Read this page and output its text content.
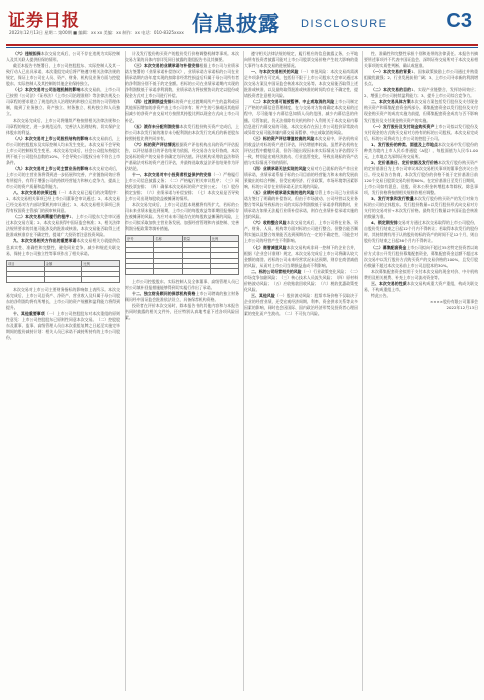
证券日报
2022年12月13日 星期二 第00期 ■ 编辑：xx xx 美编：xx 制作：xx 电话：010-8325xxxx 信息披露 DISCLOSURE	C3

（六）违规担保本次交易完成后，公司不存在违规为实际控制人及其关联人提供担保的情形。

截至本报告书签署日，上市公司控股股东、实际控制人及其一致行动人已出具承诺，本次重组完成后将严格遵守相关法律法规的规定，保证上市公司在人员、资产、财务、机构及业务方面与控股股东、实际控制人及其控制的其他企业保持独立。

（七）本次交易对公司治理机制的影响本次交易前，上市公司已按照《公司法》《证券法》《上市公司治理准则》等法律法规及公司章程的要求建立了规范的法人治理结构和独立运营的公司管理体制，做到了业务独立、资产独立、财务独立、机构独立和人员独立。

本次交易完成后，上市公司将继续严格按照相关法律法规和公司章程的规定，进一步规范运作，完善法人治理结构，切实保护全体股东的利益。

（八）本次交易对上市公司股权结构的影响本次交易前后，上市公司的控股股东及实际控制人均未发生变化，本次交易不会导致上市公司控制权发生变更。本次交易完成后，社会公众股东持股比例不低于公司股份总数的10%，不会导致公司股权分布不符合上市条件。

（九）本次交易对上市公司主营业务的影响本次交易完成后，上市公司的主营业务将得到进一步拓展和完善，产业链协同效应将有所提升，有利于增强公司的持续经营能力和核心竞争力，提高上市公司的资产质量和盈利能力。

八、本次交易的决策过程（一）本次交易已履行的决策程序：1、本次交易相关事项已经上市公司董事会审议通过；2、本次交易已经交易对方内部决策机构审议通过；3、本次交易相关事项已获得有权国资主管部门的预审核同意。

（二）本次交易尚需履行的程序1、上市公司股东大会审议通过本次交易方案；2、本次交易获得中国证监会核准；3、相关法律法规所要求的其他可能涉及的批准或核准。本次交易能否取得上述批准或核准存在不确定性，提请广大投资者注意投资风险。

九、本次交易相关方作出的重要承诺本次交易相关方就提供信息真实性、准确性和完整性，避免同业竞争，减少和规范关联交易，保持上市公司独立性等事项作出了相关承诺。

项目	金额	比例

本次交易对上市公司主要财务指标的影响如上表所示。本次交易完成后，上市公司总资产、净资产、营业收入及归属于母公司股东的净利润均将有所增长，上市公司的资产规模和盈利能力将得到提升。

十、其他重要事项（一）上市公司控股股东对本次重组的原则性意见：上市公司控股股东已原则性同意本次交易。（二）控股股东及董事、监事、高级管理人员自本次重组复牌之日起至实施完毕期间的股份减持计划：相关人员已承诺不减持所持有的上市公司股份。

计及发行股份购买资产的股份发行价格调整机制等事项。本次交易方案的具体内容详见同日披露的重组报告书及其摘要。

（三）本次交易的业绩承诺与补偿安排根据上市公司与业绩承诺方签署的《业绩承诺补偿协议》，业绩承诺方承诺标的公司在业绩承诺期内各年度实现的扣除非经常性损益后归属于母公司所有者的净利润分别不低于约定金额。若标的公司在业绩承诺期内实现的净利润数低于承诺净利润数，业绩承诺方将按照协议约定以股份或现金方式对上市公司进行补偿。

（四）过渡期损益安排标的资产在过渡期间所产生的盈利或因其他原因增加的净资产由上市公司享有；所产生的亏损或因其他原因减少的净资产由交易对方按照其持股比例以现金方式向上市公司补足。

（五）滚存未分配利润安排本次发行股份购买资产完成后，上市公司本次发行前的滚存未分配利润由本次发行完成后的新老股东按照持股比例共同享有。

（六）标的资产评估情况根据资产评估机构出具的资产评估报告，以评估基准日的评估结果为依据，经交易各方友好协商，本次交易标的资产的交易作价确定为评估值。评估机构采用收益法和资产基础法对标的资产进行评估，并最终选取收益法评估结果作为评估结论。

十一、本次交易对中小投资者权益保护的安排（一）严格履行上市公司信息披露义务；（二）严格履行相关审议程序；（三）网络投票安排；（四）确保本次交易标的资产定价公允；（五）股份锁定安排；（六）业绩承诺与补偿安排；（七）本次交易是否导致上市公司出现每股收益被摊薄的情形。

本次交易完成后，上市公司总股本规模将有所扩大，若标的公司未来业绩未能达到预期，上市公司的每股收益等即期回报指标存在被摊薄的风险。为应对未来可能存在的每股收益摊薄的风险，上市公司拟采取加快主营业务发展、加强经营管理和内部控制、完善利润分配政策等填补措施。

序号	名称	数量	比例

上市公司控股股东、实际控制人及全体董事、高级管理人员已对公司填补回报措施能够得到切实履行作出了承诺。

十二、独立财务顾问的保荐机构资格上市公司聘请的独立财务顾问经中国证监会批准依法设立，具备保荐机构资格。

投资者在评价本次交易时，除本报告书的其他内容和与本报告书同时披露的相关文件外，还应特别认真地考虑下述各项风险因素。

遵守相关法律法规的规定，履行相应的信息披露义务，公平地向所有投资者披露可能对上市公司股票交易价格产生较大影响的重大事件与本次交易的进展情况。

一、与本次交易相关的风险（一）审批风险：本次交易尚需满足多项条件方可完成，包括但不限于上市公司股东大会审议通过本次交易方案及中国证监会核准本次交易等。本次交易能否取得上述批准或核准，以及最终取得批准或核准的时间均存在不确定性，提请投资者注意相关风险。

（二）本次交易可能被暂停、中止或取消的风险上市公司制定了严格的内幕信息管理制度，在与交易对方协商确定本次交易的过程中，尽可能缩小内幕信息知情人员的范围，减少内幕信息的传播。尽管如此，仍无法排除有关机构和个人利用关于本次交易内幕信息进行内幕交易的可能，本次交易存在因上市公司股价异常波动或异常交易可能涉嫌内幕交易而暂停、中止或取消的风险。

（三）标的资产评估增值较高的风险本次交易中，评估机构采用收益法对标的资产进行评估，评估增值率较高。虽然评估机构在评估过程中勤勉尽责，但仍可能出现因未来实际情况与评估假设不一致，特别是宏观经济波动、行业监管变化，导致出现标的资产估值与实际情况不符的情形。

（四）业绩承诺无法实现的风险交易对方已就标的资产作出业绩承诺，业绩承诺系基于标的公司目前的经营能力和未来的发展前景做出的综合判断，但受宏观经济、行业政策、市场环境等因素影响，标的公司存在业绩承诺无法实现的风险。

（五）业绩补偿承诺实施的违约风险尽管上市公司已与业绩承诺方签订了明确的补偿协议，但由于市场波动、公司经营以及业务整合等风险导致标的公司的实际净利润数低于承诺净利润数时，业绩承诺方如果无法履行业绩补偿承诺，则存在业绩补偿承诺实施的违约风险。

（六）收购整合风险本次交易完成后，上市公司将在业务、资产、财务、人员、机构等方面对标的公司进行整合。但整合能否顺利实施以及整合效果能否达到预期存在一定的不确定性，可能会对上市公司的经营产生不利影响。

（七）商誉减值风险本次交易构成非同一控制下的企业合并，根据《企业会计准则》规定，本次交易完成后上市公司将确认较大金额的商誉。若标的公司未来经营状况未达预期，则存在商誉减值的风险，从而对上市公司当期损益造成不利影响。

二、标的公司经营相关的风险（一）行业政策变化风险；（二）市场竞争加剧风险；（三）核心技术人员流失风险；（四）原材料价格波动风险；（五）应收账款回收风险；（六）税收优惠政策变化风险。

三、其他风险（一）股价波动风险：股票市场价格不仅取决于企业的经营业绩，还受宏观经济周期、利率、资金供求关系等众多因素的影响，同时也会因国际、国内政治经济形势及投资者心理因素的变化而产生波动。（二）不可抗力风险。

性、准确性和完整性承担个别和连带的法律责任。本报告书摘要所述事项并不代表中国证监会、深圳证券交易所对于本次交易相关事项的实质性判断、确认或批准。

（一）本次交易的背景1、国家政策鼓励上市公司通过并购重组做优做强；2、行业发展前景广阔；3、上市公司寻求新的利润增长点。

（二）本次交易的目的1、实现产业链整合，发挥协同效应；2、增强上市公司持续盈利能力；3、提升上市公司综合竞争力。

二、本次交易具体方案本次交易方案包括发行股份及支付现金购买资产和募集配套资金两部分。募集配套资金以发行股份及支付现金购买资产的成功实施为前提，但募集配套资金成功与否不影响发行股份及支付现金购买资产的实施。

（一）发行股份及支付现金购买资产上市公司拟以发行股份及支付现金的方式购买交易对方持有的标的公司股权。本次交易完成后，标的公司将成为上市公司的控股子公司。

1、发行股份的种类、面值及上市地点本次交易中发行股份的种类为境内上市人民币普通股（A股），每股面值为人民币1.00元，上市地点为深圳证券交易所。

2、定价基准日、定价依据及发行价格本次发行股份购买资产的定价基准日为上市公司审议本次交易相关事项的董事会决议公告日。经交易各方协商，本次发行股份的价格不低于定价基准日前120个交易日股票交易均价的80%。在定价基准日至发行日期间，上市公司如有派息、送股、资本公积金转增股本等除权、除息事项，发行价格将按照相关规则作相应调整。

3、发行对象和发行数量本次发行股份购买资产的发行对象为标的公司的全体股东。发行股份数量=以发行股份形式向交易对方支付的交易对价÷本次发行价格。最终发行数量以中国证监会核准的数量为准。

4、锁定期安排交易对方通过本次交易取得的上市公司股份，自股份发行结束之日起12个月内不得转让；若取得本次发行的股份时，其持续拥有用于认购股份的标的资产的时间不足12个月，则自股份发行结束之日起36个月内不得转让。

（二）募集配套资金上市公司拟向不超过35名特定投资者以询价方式非公开发行股份募集配套资金，募集配套资金总额不超过本次交易中以发行股份方式购买资产的交易价格的100%，且发行股份数量不超过本次交易前上市公司总股本的30%。

本次募集配套资金拟用于支付本次交易的现金对价、中介机构费用及相关税费、补充上市公司流动资金等。

三、本次交易的性质本次交易构成重大资产重组，构成关联交易，不构成重组上市。

特此公告。

××××股份有限公司董事会
2022年12月13日
